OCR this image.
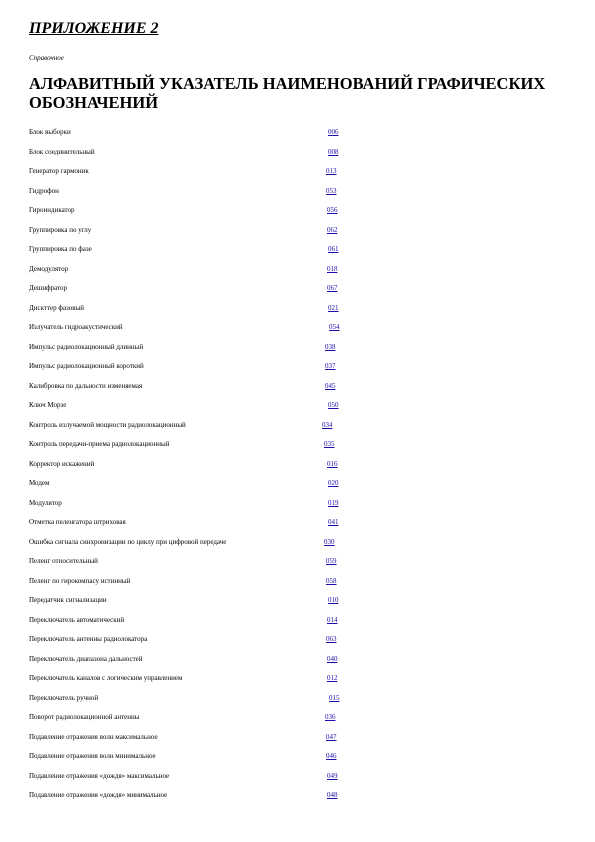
ПРИЛОЖЕНИЕ 2

Справочное

АЛФАВИТНЫЙ УКАЗАТЕЛЬ НАИМЕНОВАНИЙ ГРАФИЧЕСКИХ ОБОЗНАЧЕНИЙ
Блок выборки	006
Блок соединительный	008
Генератор гармоник	013
Гидрофон	053
Гироиндикатор	056
Группировка по углу	062
Группировка по фазе	061
Демодулятор	018
Дешифратор	067
Дискттер фазовый	021
Излучатель гидроакустический	054
Импульс радиолокационный длинный	038
Импульс радиолокационный короткий	037
Калибровка по дальности изменяемая	045
Ключ Морзе	050
Контроль излучаемой мощности радиолокационный	034
Контроль передачи-приема радиолокационный	035
Корректор искажений	016
Модем	020
Модулятор	019
Отметка пеленгатора штриховая	041
Ошибка сигнала синхронизации по циклу при цифровой передаче	030
Пеленг относительный	059
Пеленг по гирокомпасу истинный	058
Передатчик сигнализации	010
Переключатель автоматический	014
Переключатель антенны радиолокатора	063
Переключатель диапазона дальностей	040
Переключатель каналов с логическим управлением	012
Переключатель ручной	015
Поворот радиолокационной антенны	036
Подавление отражения волн максимальное	047
Подавление отражения волн минимальное	046
Подавление отражения «дождя» максимальное	049
Подавление отражения «дождя» минимальное	048
